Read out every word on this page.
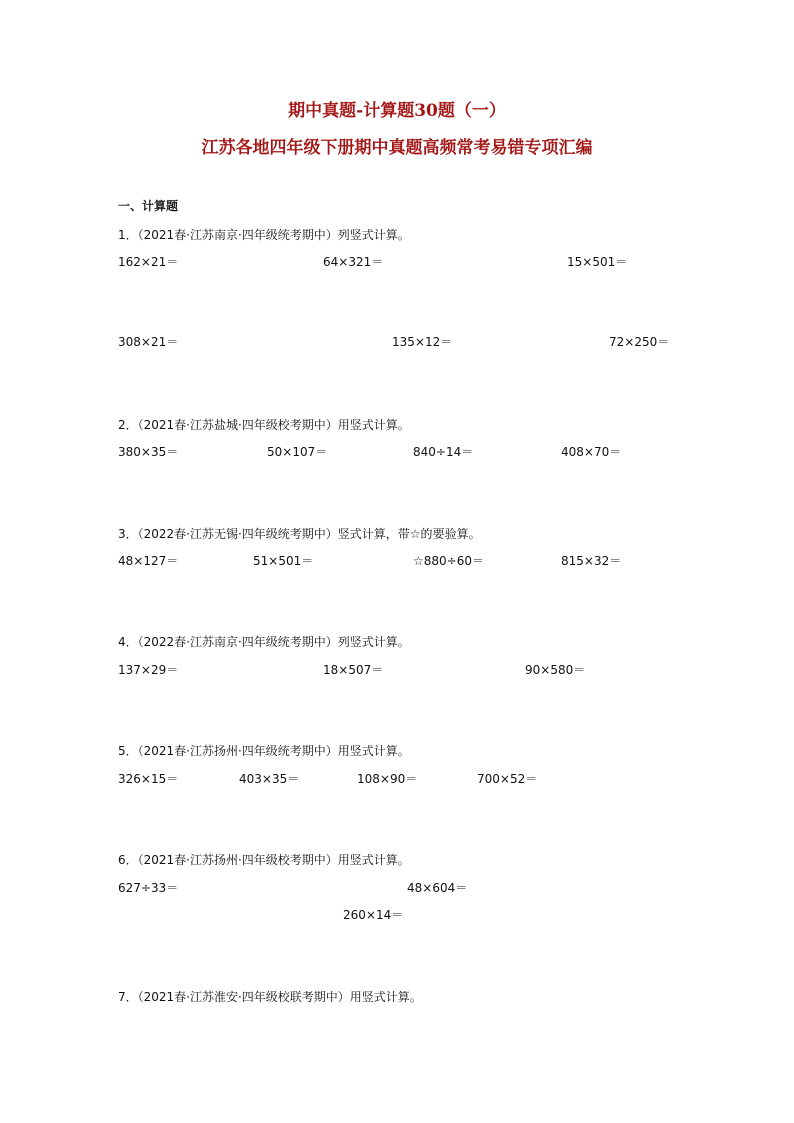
期中真题-计算题30题（一）
江苏各地四年级下册期中真题高频常考易错专项汇编
一、计算题
1．（2021春·江苏南京·四年级统考期中）列竖式计算。
162×21＝	64×321＝	15×501＝
308×21＝	135×12＝	72×250＝
2．（2021春·江苏盐城·四年级校考期中）用竖式计算。
380×35＝	50×107＝	840÷14＝	408×70＝
3．（2022春·江苏无锡·四年级统考期中）竖式计算，带☆的要验算。
48×127＝	51×501＝	☆880÷60＝	815×32＝
4．（2022春·江苏南京·四年级统考期中）列竖式计算。
137×29＝	18×507＝	90×580＝
5．（2021春·江苏扬州·四年级统考期中）用竖式计算。
326×15＝	403×35＝	108×90＝	700×52＝
6．（2021春·江苏扬州·四年级校考期中）用竖式计算。
627÷33＝	48×604＝
260×14＝
7．（2021春·江苏淮安·四年级校联考期中）用竖式计算。
